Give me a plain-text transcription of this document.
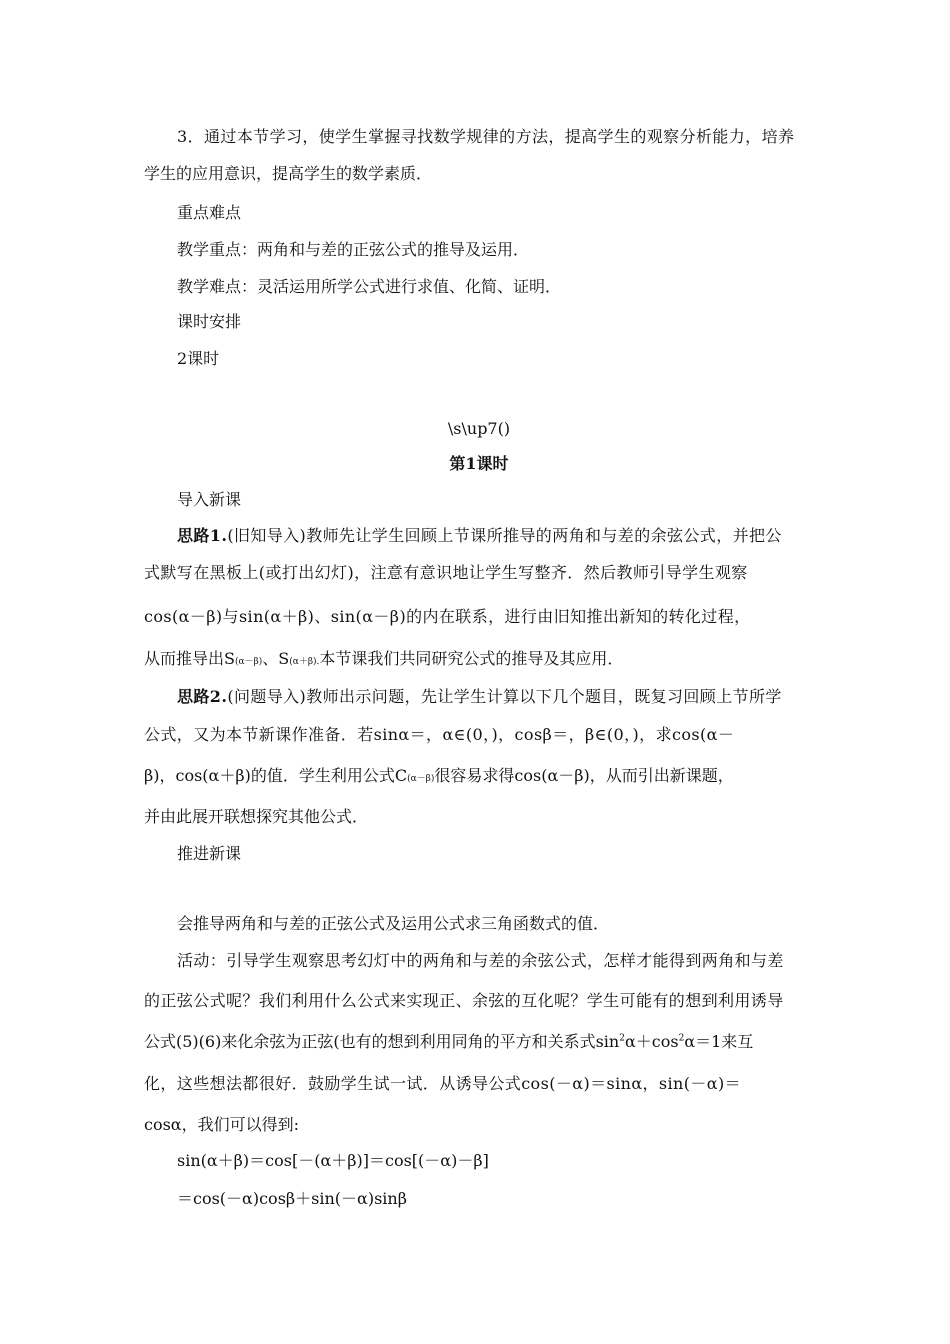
3．通过本节学习，使学生掌握寻找数学规律的方法，提高学生的观察分析能力，培养
学生的应用意识，提高学生的数学素质．
重点难点
教学重点：两角和与差的正弦公式的推导及运用．
教学难点：灵活运用所学公式进行求值、化简、证明．
课时安排
2课时
\s\up7()
第1课时
导入新课
思路1.(旧知导入)教师先让学生回顾上节课所推导的两角和与差的余弦公式，并把公
式默写在黑板上(或打出幻灯)，注意有意识地让学生写整齐．然后教师引导学生观察
cos(α－β)与sin(α＋β)、sin(α－β)的内在联系，进行由旧知推出新知的转化过程，
从而推导出S(α－β)、S(α＋β).本节课我们共同研究公式的推导及其应用．
思路2.(问题导入)教师出示问题，先让学生计算以下几个题目，既复习回顾上节所学
公式，又为本节新课作准备．若sinα＝，α∈(0，)，cosβ＝，β∈(0，)，求cos(α－
β)，cos(α＋β)的值．学生利用公式C(α－β)很容易求得cos(α－β)，从而引出新课题，
并由此展开联想探究其他公式．
推进新课
会推导两角和与差的正弦公式及运用公式求三角函数式的值．
活动：引导学生观察思考幻灯中的两角和与差的余弦公式，怎样才能得到两角和与差
的正弦公式呢？我们利用什么公式来实现正、余弦的互化呢？学生可能有的想到利用诱导
公式(5)(6)来化余弦为正弦(也有的想到利用同角的平方和关系式$\sin^2\alpha+\cos^2\alpha=1$来互
化，这些想法都很好．鼓励学生试一试．从诱导公式cos(－α)＝sinα，sin(－α)＝
cosα，我们可以得到:
sin(α＋β)＝cos[－(α＋β)]＝cos[(－α)－β]
＝cos(－α)cosβ＋sin(－α)sinβ
